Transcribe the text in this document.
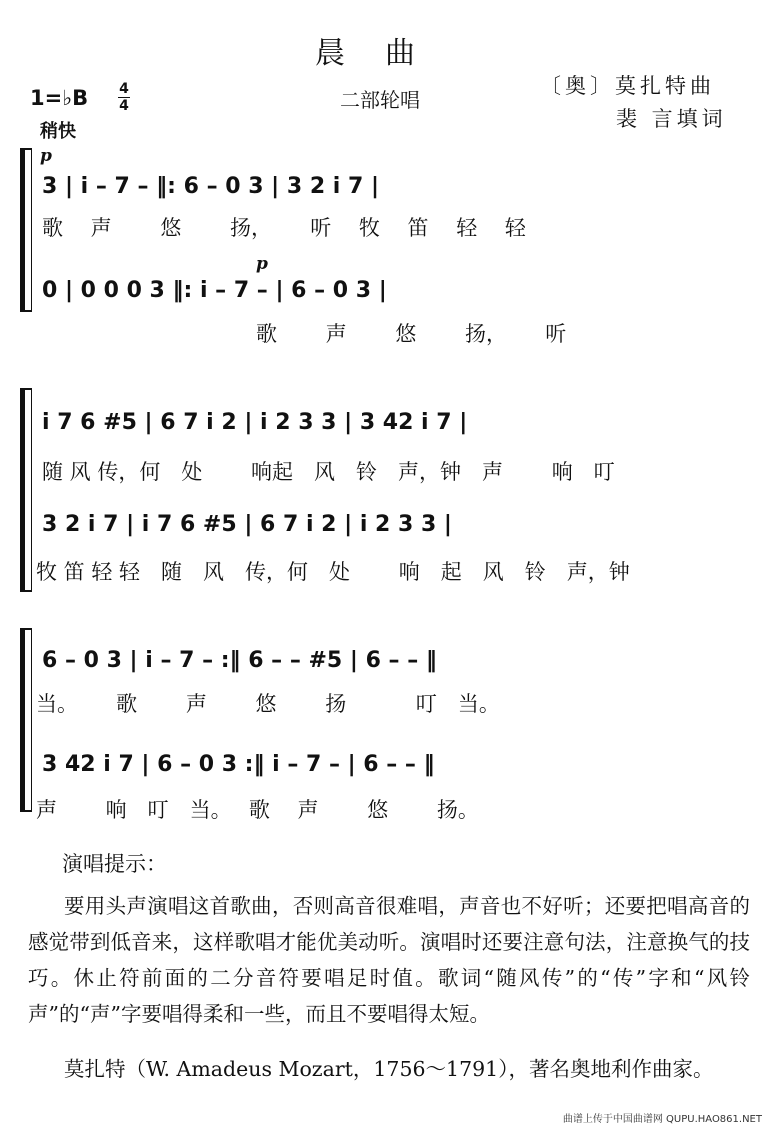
晨曲
1=♭B 4
4
稍快
二部轮唱
〔奥〕莫扎特曲
裴 言填词
p
3 | i – 7 – ‖: 6 – 0 3 | 3 2 i 7 |
歌　 声　　 悠　　 扬，　　 听　 牧　 笛　 轻　 轻
p
0 | 0 0 0 3 ‖: i – 7 – | 6 – 0 3 |
歌　　 声　　 悠　　 扬，　　 听
i 7 6 #5 | 6 7 i 2 | i 2 3 3 | 3 42 i 7 |
随 风 传，何　处　　 响起　风　铃　声，钟　声　　 响　叮
3 2 i 7 | i 7 6 #5 | 6 7 i 2 | i 2 3 3 |
牧 笛 轻 轻　随　风　传，何　处　　 响　起　风　铃　声，钟
6 – 0 3 | i – 7 – :‖ 6 – – #5 | 6 – – ‖
当。　　 歌　　 声　　 悠　　 扬　　　 叮　当。
3 42 i 7 | 6 – 0 3 :‖ i – 7 – | 6 – – ‖
声　　 响　叮　当。　 歌　 声　　 悠　　 扬。
演唱提示：
要用头声演唱这首歌曲，否则高音很难唱，声音也不好听；还要把唱高音的感觉带到低音来，这样歌唱才能优美动听。演唱时还要注意句法，注意换气的技巧。休止符前面的二分音符要唱足时值。歌词“随风传”的“传”字和“风铃声”的“声”字要唱得柔和一些，而且不要唱得太短。
莫扎特（W. Amadeus Mozart，1756～1791），著名奥地利作曲家。
曲谱上传于中国曲谱网 QUPU.HAO861.NET
